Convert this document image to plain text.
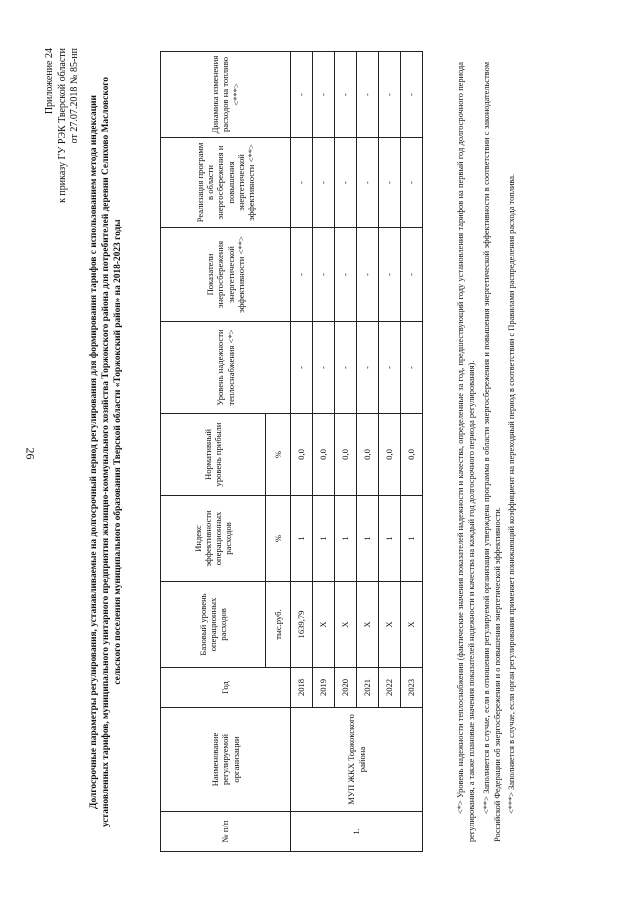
26
Приложение 24 к приказу ГУ РЭК Тверской области от 27.07.2018 № 85-нп Долгосрочные параметры регулирования, устанавливаемые на долгосрочный период регулирования для формирования тарифов с использованием метода индексации установленных тарифов, муниципального унитарного предприятия жилищно-коммунального хозяйства Торжокского района для потребителей деревни Селихово Масловского сельского поселения муниципального образования Тверской области «Торжокский район» на 2018-2023 годы
№ п/п	Наименование регулируемой организации	Год	Базовый уровень операционных расходов	Индекс эффективности операционных расходов	Нормативный уровень прибыли	Уровень надежности теплоснабжения <*>	Показатели энергосбережения энергетической эффективности <**>	Реализация программ в области энергосбережения и повышения энергетической эффективности <**>	Динамика изменения расходов на топливо <***>
			тыс.руб.	%	%				
1.	МУП ЖКХ Торжокского района	2018	1639,79	1	0,0	-	-	-	-
		2019	X	1	0,0	-	-	-	-
		2020	X	1	0,0	-	-	-	-
		2021	X	1	0,0	-	-	-	-
		2022	X	1	0,0	-	-	-	-
		2023	X	1	0,0	-	-	-	-	<*> Уровень надежности теплоснабжения (фактические значения показателей надежности и качества, определенные за год, предшествующий году установления тарифов на первый год долгосрочного периода регулирования, а также плановые значения показателей надежности и качества на каждый год долгосрочного периода регулирования). <**> Заполняется в случае, если в отношении регулируемой организации утверждена программа в области энергосбережения и повышения энергетической эффективности в соответствии с законодательством Российской Федерации об энергосбережении и о повышении энергетической эффективности. <***> Заполняется в случае, если орган регулирования применяет понижающий коэффициент на переходный период в соответствии с Правилами распределения расхода топлива.
